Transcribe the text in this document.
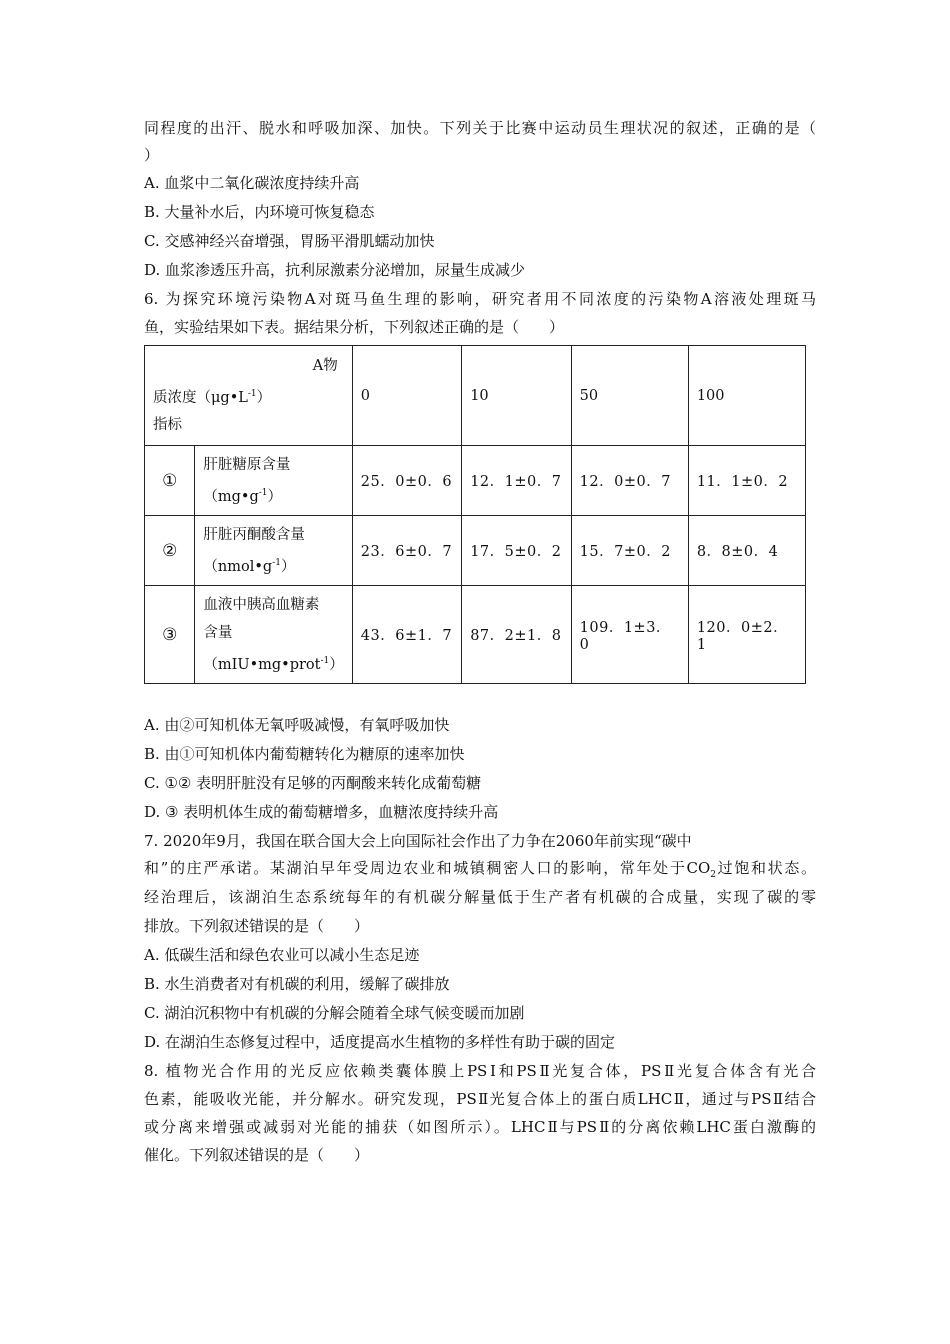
同程度的出汗、脱水和呼吸加深、加快。下列关于比赛中运动员生理状况的叙述，正确的是（
）
A. 血浆中二氧化碳浓度持续升高
B. 大量补水后，内环境可恢复稳态
C. 交感神经兴奋增强，胃肠平滑肌蠕动加快
D. 血浆渗透压升高，抗利尿激素分泌增加，尿量生成减少
6. 为探究环境污染物A对斑马鱼生理的影响，研究者用不同浓度的污染物A溶液处理斑马
鱼，实验结果如下表。据结果分析，下列叙述正确的是（　　）
A物
质浓度$(\mu g•L^{-1})$
指标		0	10	50	100
①	肝脏糖原含量
$(mg•g^{-1})$	25．0±0．6	12．1±0．7	12．0±0．7	11．1±0．2
②	肝脏丙酮酸含量
$(nmol•g^{-1})$	23．6±0．7	17．5±0．2	15．7±0．2	8．8±0．4
③	血液中胰高血糖素
含量
（mIU•mg•prot$^{-1}$）	43．6±1．7	87．2±1．8	109．1±3．0	120．0±2．1
A. 由②可知机体无氧呼吸减慢，有氧呼吸加快
B. 由①可知机体内葡萄糖转化为糖原的速率加快
C. ①② 表明肝脏没有足够的丙酮酸来转化成葡萄糖
D. ③ 表明机体生成的葡萄糖增多，血糖浓度持续升高
7. 2020年9月，我国在联合国大会上向国际社会作出了力争在2060年前实现“碳中
和”的庄严承诺。某湖泊早年受周边农业和城镇稠密人口的影响，常年处于$CO_2$过饱和状态。
经治理后，该湖泊生态系统每年的有机碳分解量低于生产者有机碳的合成量，实现了碳的零
排放。下列叙述错误的是（　　）
A. 低碳生活和绿色农业可以减小生态足迹
B. 水生消费者对有机碳的利用，缓解了碳排放
C. 湖泊沉积物中有机碳的分解会随着全球气候变暖而加剧
D. 在湖泊生态修复过程中，适度提高水生植物的多样性有助于碳的固定
8. 植物光合作用的光反应依赖类囊体膜上PSⅠ和PSⅡ光复合体，PSⅡ光复合体含有光合
色素，能吸收光能，并分解水。研究发现，PSⅡ光复合体上的蛋白质LHCⅡ，通过与PSⅡ结合
或分离来增强或减弱对光能的捕获（如图所示）。LHCⅡ与PSⅡ的分离依赖LHC蛋白激酶的
催化。下列叙述错误的是（　　）
